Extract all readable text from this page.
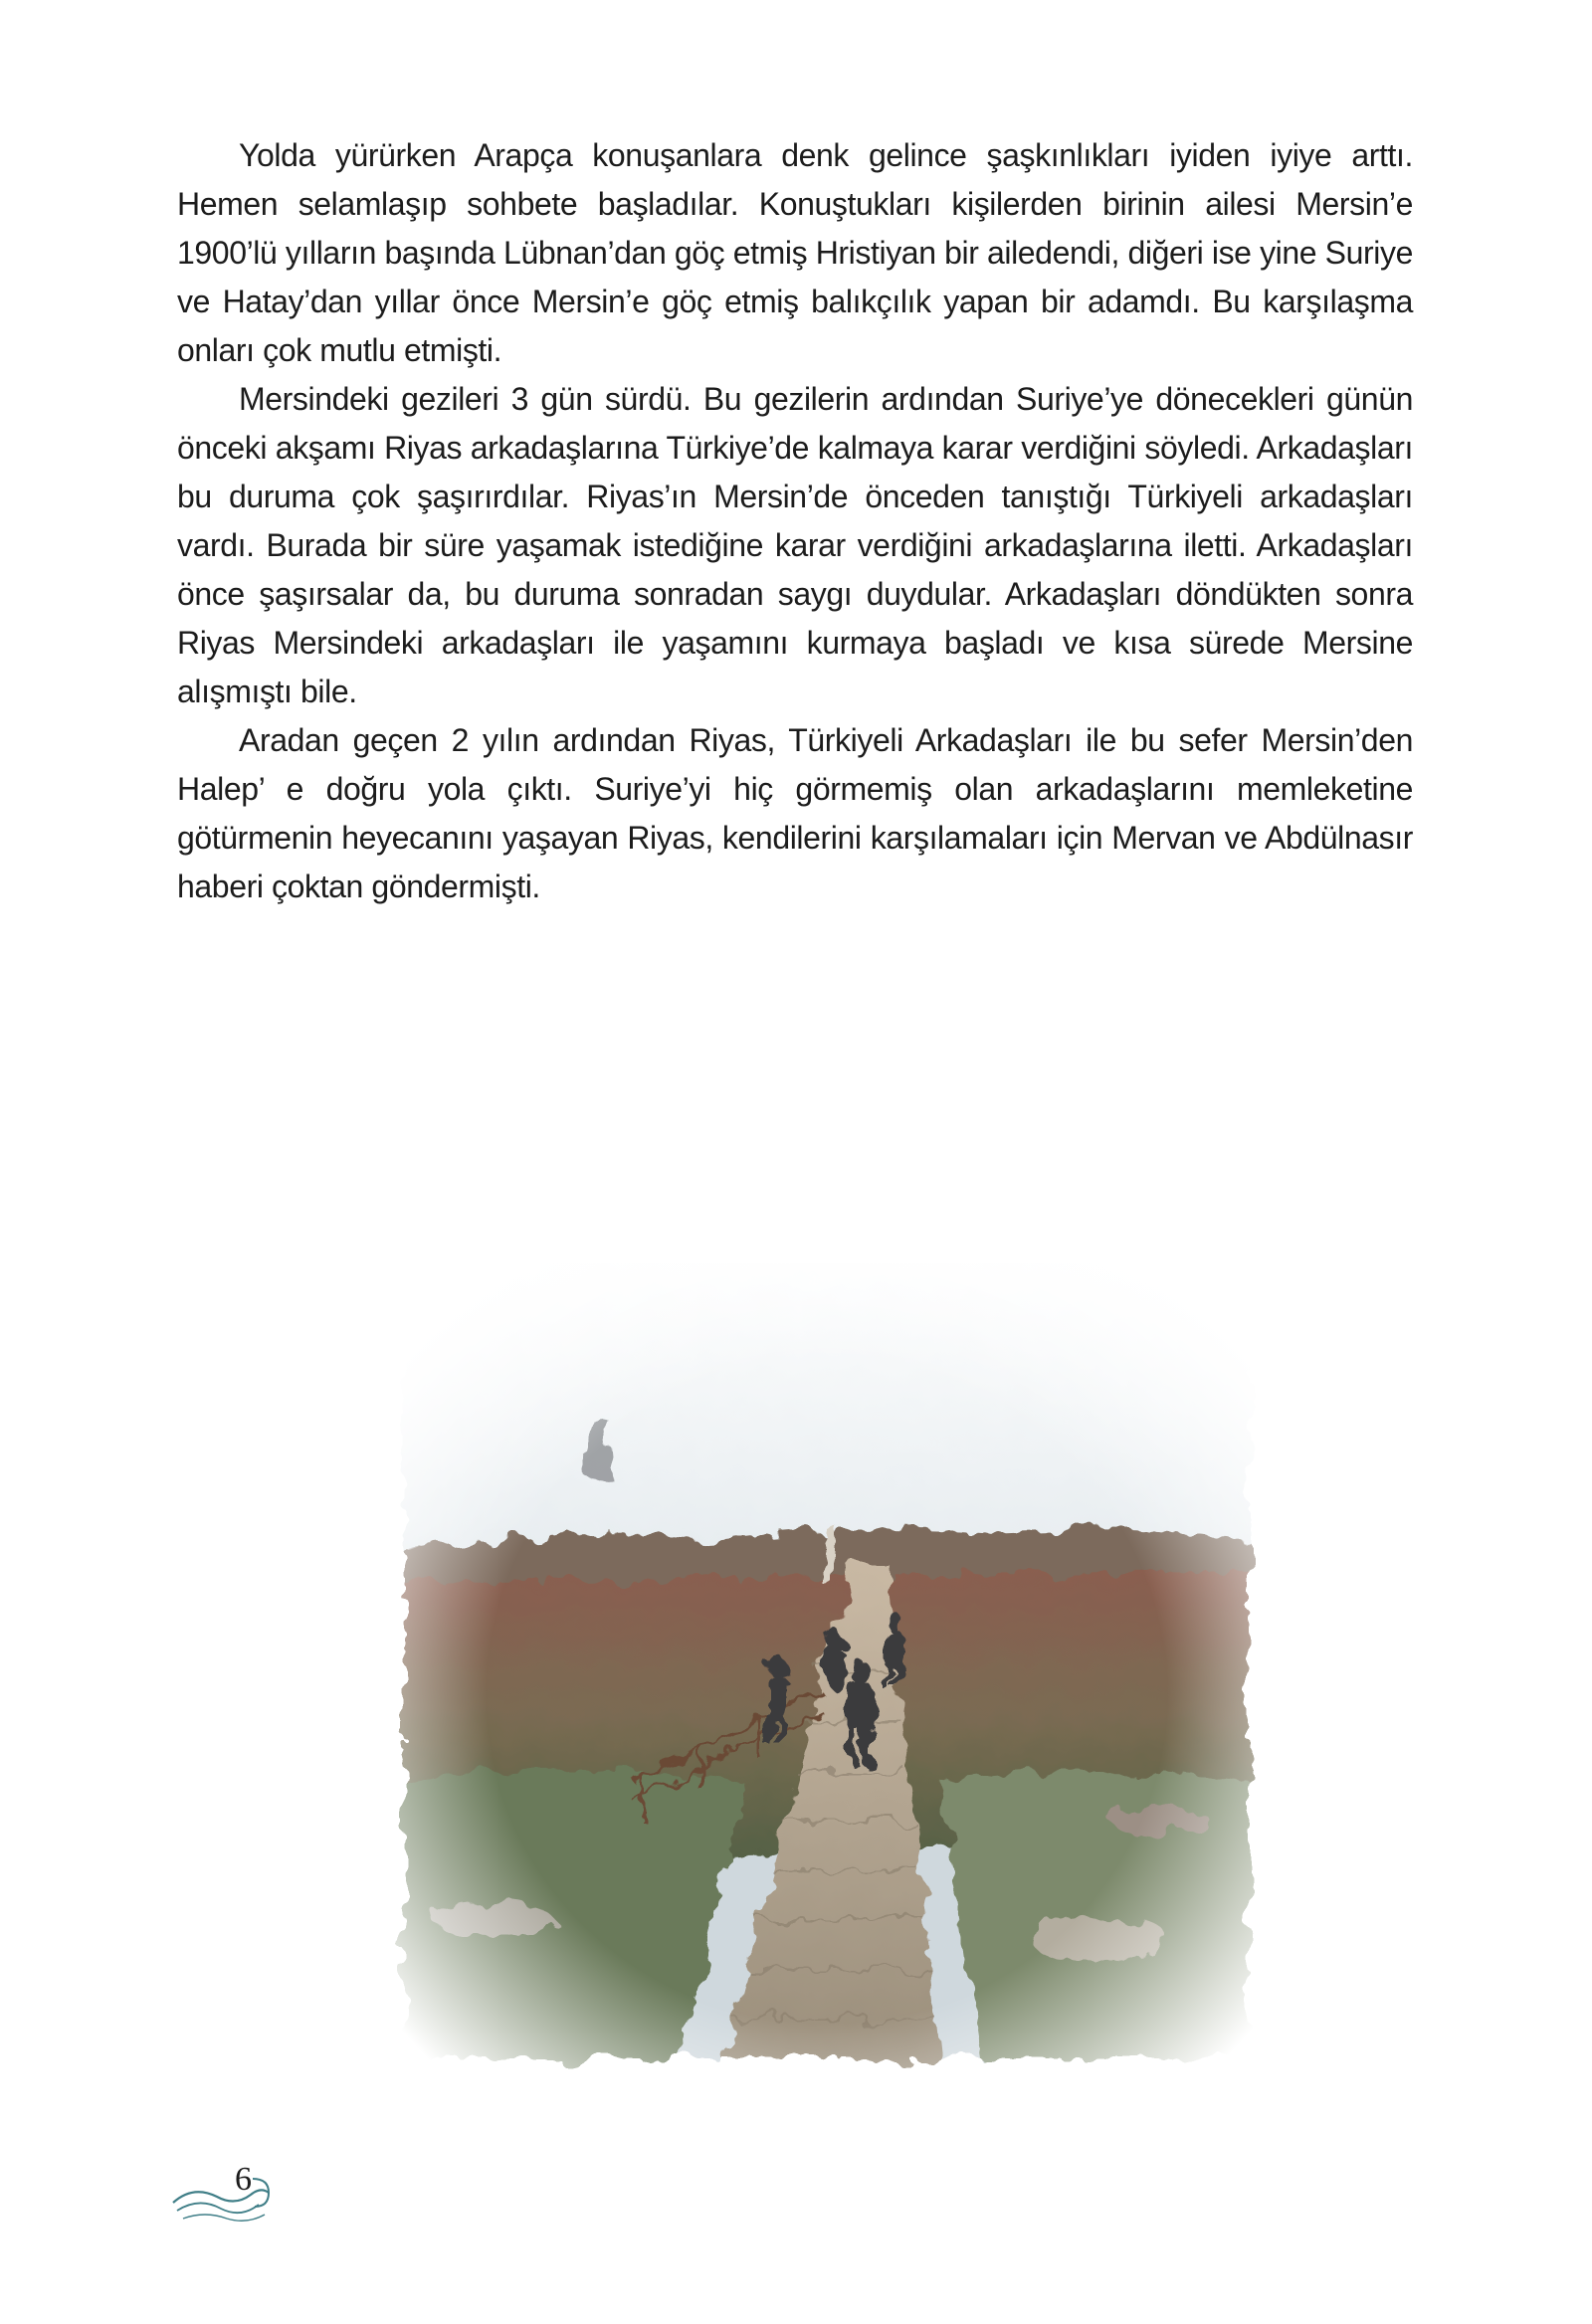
Yolda yürürken Arapça konuşanlara denk gelince şaşkınlıkları iyiden iyiye arttı. Hemen selamlaşıp sohbete başladılar. Konuştukları kişilerden birinin ailesi Mersin’e 1900’lü yılların başında Lübnan’dan göç etmiş Hristiyan bir ailedendi, diğeri ise yine Suriye ve Hatay’dan yıllar önce Mersin’e göç etmiş balıkçılık yapan bir adamdı. Bu karşılaşma onları çok mutlu etmişti.

Mersindeki gezileri 3 gün sürdü. Bu gezilerin ardından Suriye’ye dönecekleri günün önceki akşamı Riyas arkadaşlarına Türkiye’de kalmaya karar verdiğini söyledi. Arkadaşları bu duruma çok şaşırırdılar. Riyas’ın Mersin’de önceden tanıştığı Türkiyeli arkadaşları vardı. Burada bir süre yaşamak istediğine karar verdiğini arkadaşlarına iletti. Arkadaşları önce şaşırsalar da, bu duruma sonradan saygı duydular. Arkadaşları döndükten sonra Riyas Mersindeki arkadaşları ile yaşamını kurmaya başladı ve kısa sürede Mersine alışmıştı bile.

Aradan geçen 2 yılın ardından Riyas, Türkiyeli Arkadaşları ile bu sefer Mersin’den Halep’ e doğru yola çıktı. Suriye’yi hiç görmemiş olan arkadaşlarını memleketine götürmenin heyecanını yaşayan Riyas, kendilerini karşılamaları için Mervan ve Abdülnasır haberi çoktan göndermişti.

6
